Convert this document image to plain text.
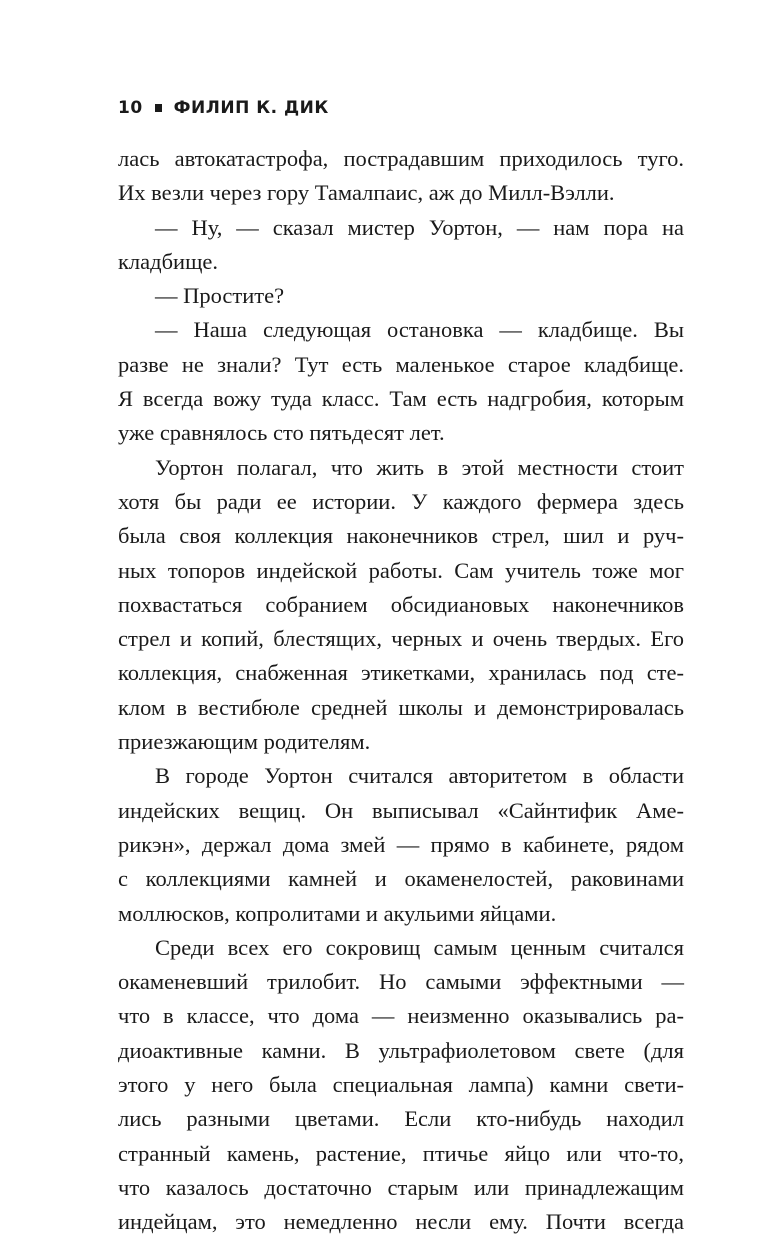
10 ФИЛИП К. ДИК
лась автокатастрофа, пострадавшим приходилось туго.
Их везли через гору Тамалпаис, аж до Милл-Вэлли.
— Ну, — сказал мистер Уортон, — нам пора на
кладбище.
— Простите?
— Наша следующая остановка — кладбище. Вы
разве не знали? Тут есть маленькое старое кладбище.
Я всегда вожу туда класс. Там есть надгробия, которым
уже сравнялось сто пятьдесят лет.
Уортон полагал, что жить в этой местности стоит
хотя бы ради ее истории. У каждого фермера здесь
была своя коллекция наконечников стрел, шил и руч-
ных топоров индейской работы. Сам учитель тоже мог
похвастаться собранием обсидиановых наконечников
стрел и копий, блестящих, черных и очень твердых. Его
коллекция, снабженная этикетками, хранилась под сте-
клом в вестибюле средней школы и демонстрировалась
приезжающим родителям.
В городе Уортон считался авторитетом в области
индейских вещиц. Он выписывал «Сайнтифик Аме-
рикэн», держал дома змей — прямо в кабинете, рядом
с коллекциями камней и окаменелостей, раковинами
моллюсков, копролитами и акульими яйцами.
Среди всех его сокровищ самым ценным считался
окаменевший трилобит. Но самыми эффектными —
что в классе, что дома — неизменно оказывались ра-
диоактивные камни. В ультрафиолетовом свете (для
этого у него была специальная лампа) камни свети-
лись разными цветами. Если кто-нибудь находил
странный камень, растение, птичье яйцо или что-то,
что казалось достаточно старым или принадлежащим
индейцам, это немедленно несли ему. Почти всегда
